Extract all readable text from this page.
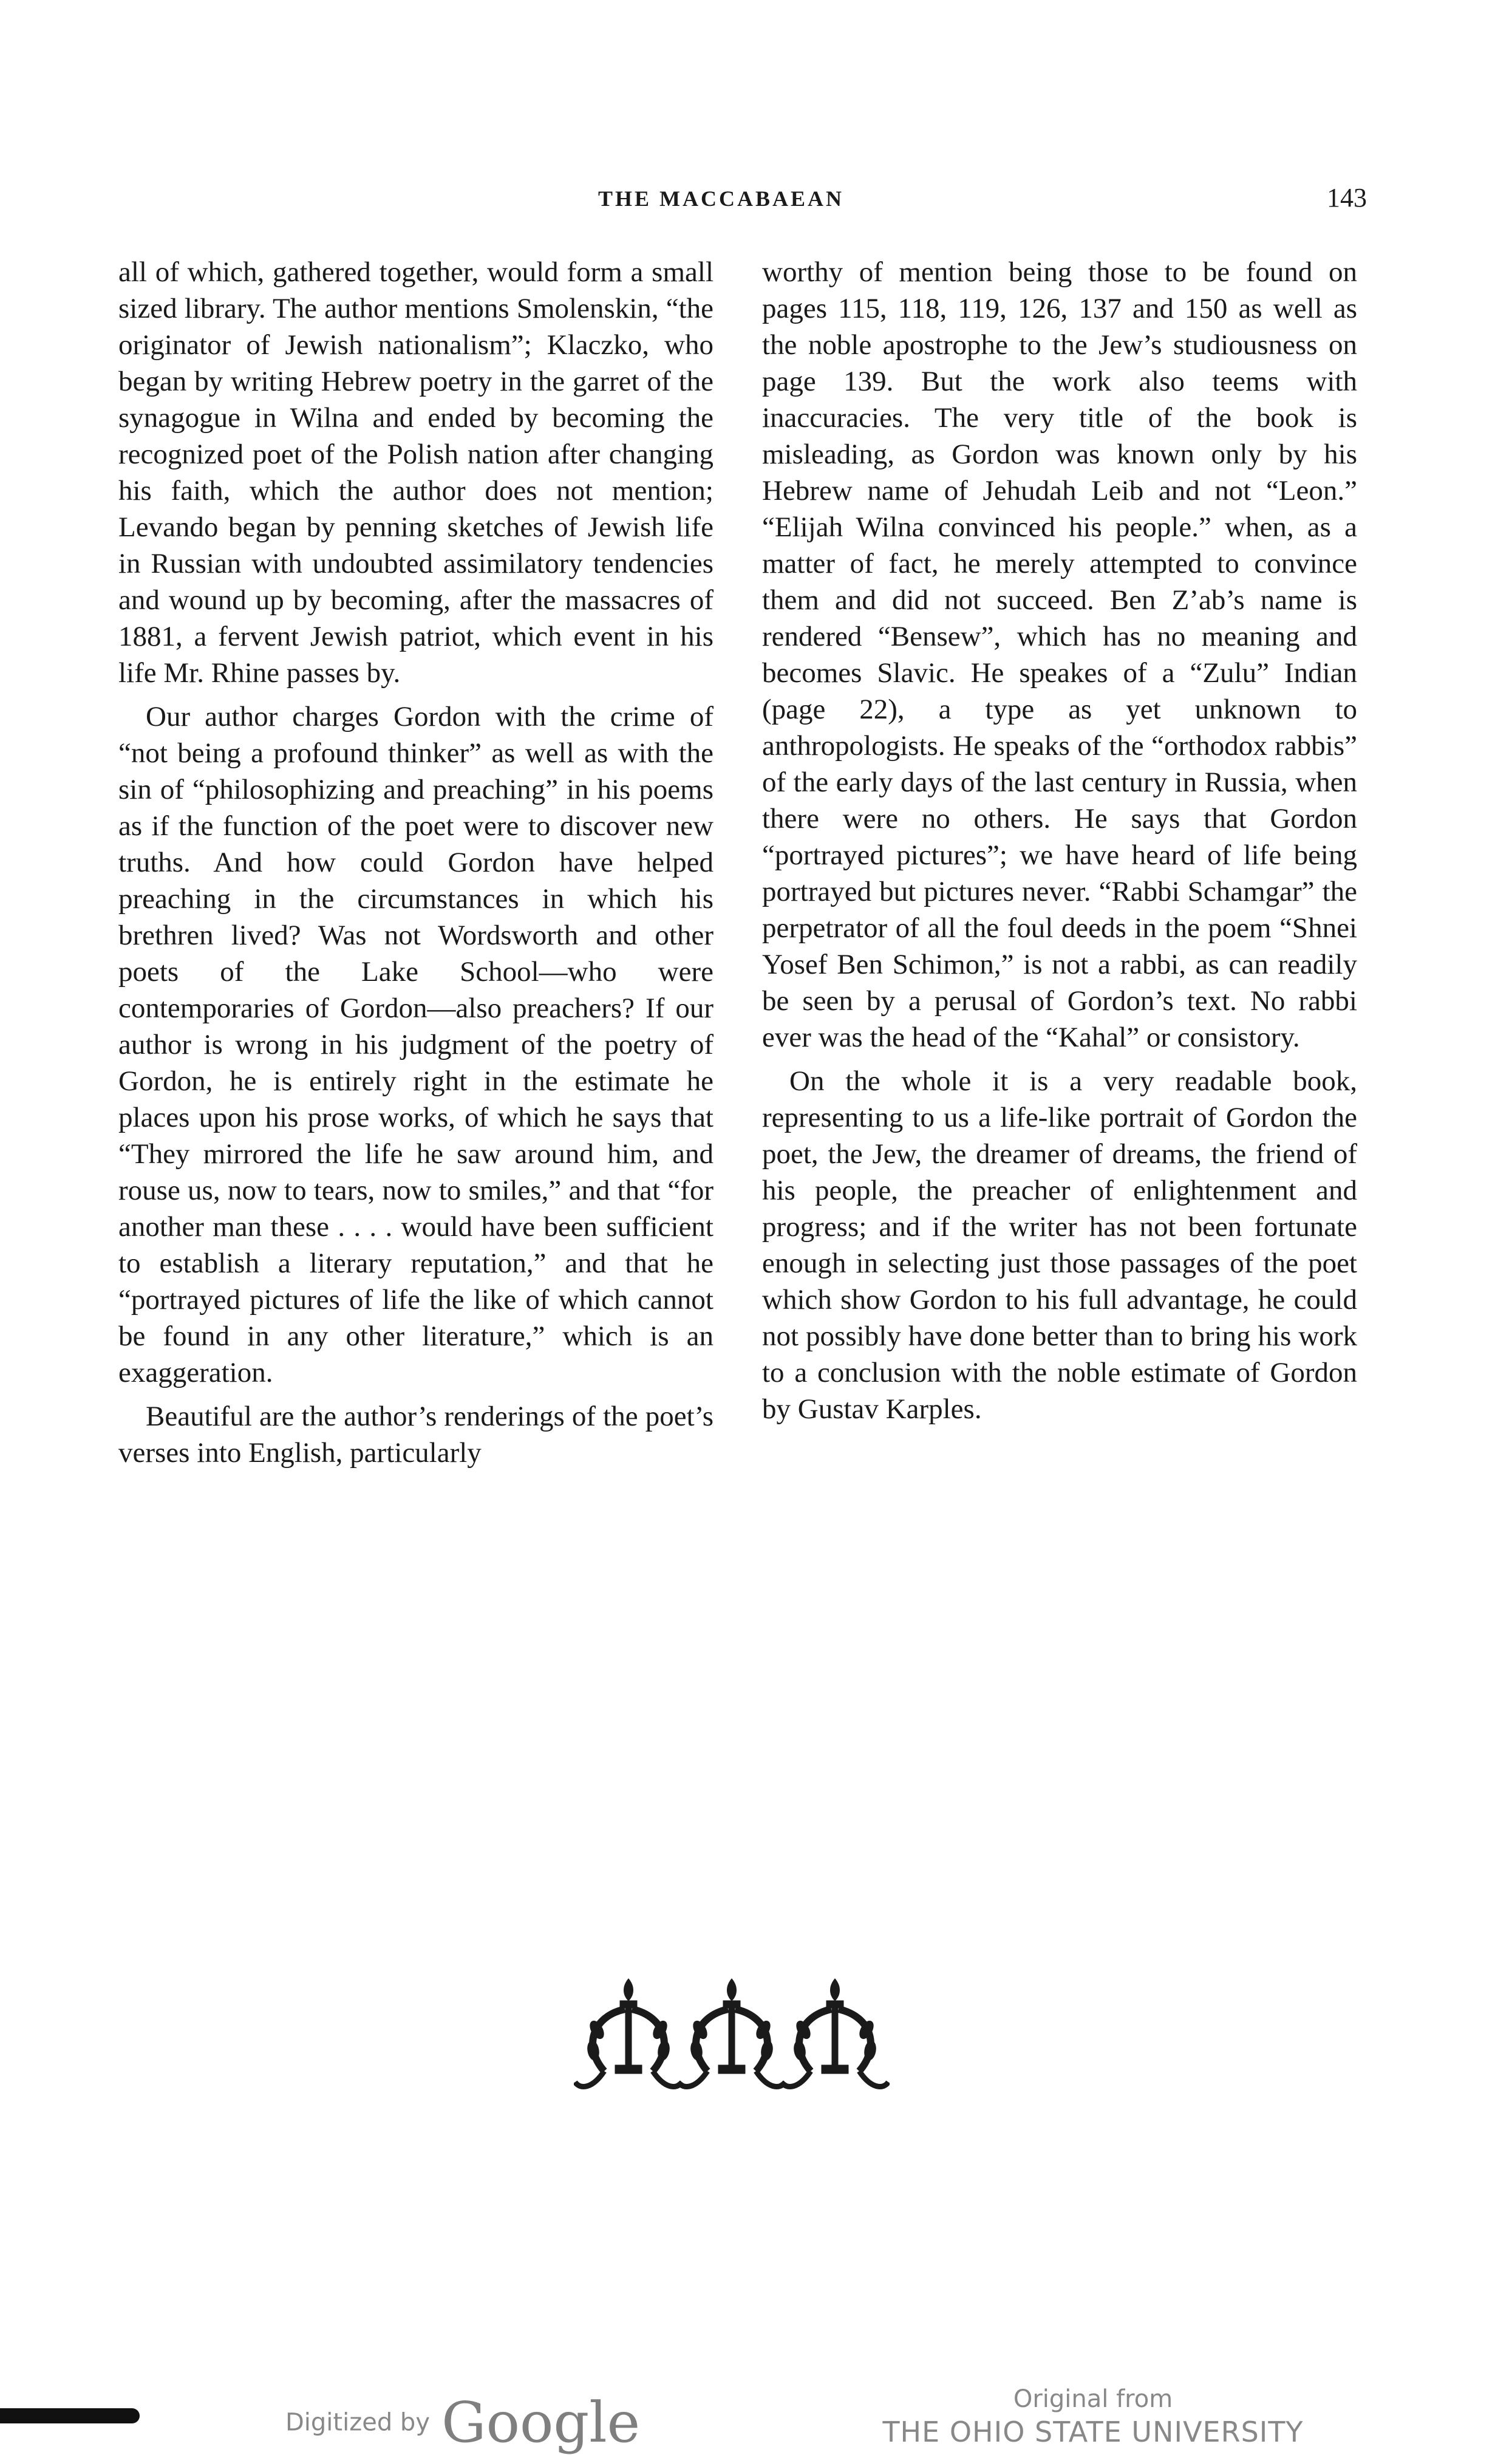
THE MACCABAEAN	143

all of which, gathered together, would form a small sized library. The author mentions Smolenskin, “the originator of Jewish nationalism”; Klaczko, who began by writing Hebrew poetry in the garret of the synagogue in Wilna and ended by becoming the recognized poet of the Polish nation after changing his faith, which the author does not mention; Levando began by penning sketches of Jewish life in Russian with undoubted assimilatory tendencies and wound up by becoming, after the massacres of 1881, a fervent Jewish patriot, which event in his life Mr. Rhine passes by.

Our author charges Gordon with the crime of “not being a profound thinker” as well as with the sin of “philosophizing and preaching” in his poems as if the function of the poet were to discover new truths. And how could Gordon have helped preaching in the circumstances in which his brethren lived? Was not Wordsworth and other poets of the Lake School—who were contemporaries of Gordon—also preachers? If our author is wrong in his judgment of the poetry of Gordon, he is entirely right in the estimate he places upon his prose works, of which he says that “They mirrored the life he saw around him, and rouse us, now to tears, now to smiles,” and that “for another man these . . . . would have been sufficient to establish a literary reputation,” and that he “portrayed pictures of life the like of which cannot be found in any other literature,” which is an exaggeration.

Beautiful are the author’s renderings of the poet’s verses into English, particularly

worthy of mention being those to be found on pages 115, 118, 119, 126, 137 and 150 as well as the noble apostrophe to the Jew’s studiousness on page 139. But the work also teems with inaccuracies. The very title of the book is misleading, as Gordon was known only by his Hebrew name of Jehudah Leib and not “Leon.” “Elijah Wilna convinced his people.” when, as a matter of fact, he merely attempted to convince them and did not succeed. Ben Z’ab’s name is rendered “Bensew”, which has no meaning and becomes Slavic. He speakes of a “Zulu” Indian (page 22), a type as yet unknown to anthropologists. He speaks of the “orthodox rabbis” of the early days of the last century in Russia, when there were no others. He says that Gordon “portrayed pictures”; we have heard of life being portrayed but pictures never. “Rabbi Schamgar” the perpetrator of all the foul deeds in the poem “Shnei Yosef Ben Schimon,” is not a rabbi, as can readily be seen by a perusal of Gordon’s text. No rabbi ever was the head of the “Kahal” or consistory.

On the whole it is a very readable book, representing to us a life-like portrait of Gordon the poet, the Jew, the dreamer of dreams, the friend of his people, the preacher of enlightenment and progress; and if the writer has not been fortunate enough in selecting just those passages of the poet which show Gordon to his full advantage, he could not possibly have done better than to bring his work to a conclusion with the noble estimate of Gordon by Gustav Karples.

Digitized by Google	Original from
THE OHIO STATE UNIVERSITY
